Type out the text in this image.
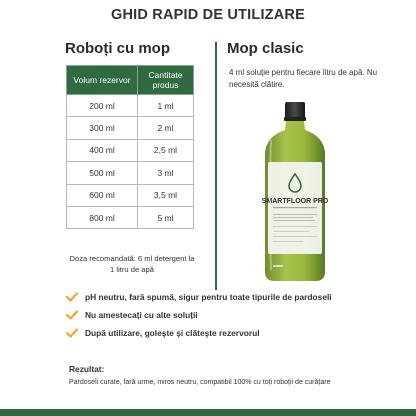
GHID RAPID DE UTILIZARE
Roboți cu mop
Volum rezervor	Cantitate produs
200 ml	1 ml
300 ml	2 ml
400 ml	2,5 ml
500 ml	3 ml
600 ml	3,5 ml
800 ml	5 ml
Doza recomandată: 6 ml detergent la
1 litru de apă
Mop clasic
4 ml soluție pentru fiecare litru de apă. Nu necesită clătire.
SMARTFLOOR PRO
pH neutru, fară spumă, sigur pentru toate tipurile de pardoseli
Nu amestecați cu alte soluții
După utilizare, goleşte şi clăteşte rezervorul
Rezultat:
Pardoseli curate, fară urme, miros neutru, compatibil 100% cu toți roboții de curățare
